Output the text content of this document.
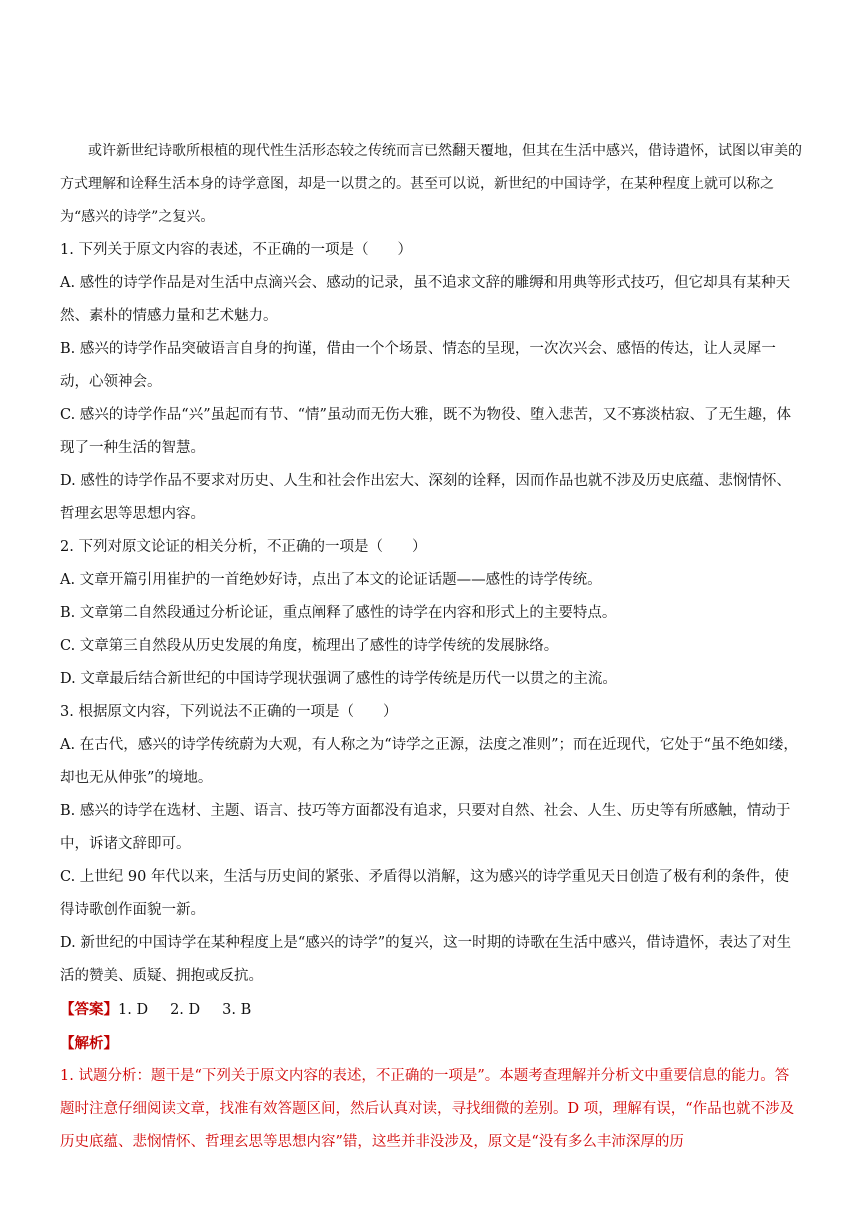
或许新世纪诗歌所根植的现代性生活形态较之传统而言已然翻天覆地，但其在生活中感兴，借诗遣怀，试图以审美的方式理解和诠释生活本身的诗学意图，却是一以贯之的。甚至可以说，新世纪的中国诗学，在某种程度上就可以称之为“感兴的诗学”之复兴。

1. 下列关于原文内容的表述，不正确的一项是（　　）

A. 感性的诗学作品是对生活中点滴兴会、感动的记录，虽不追求文辞的雕缛和用典等形式技巧，但它却具有某种天然、素朴的情感力量和艺术魅力。

B. 感兴的诗学作品突破语言自身的拘谨，借由一个个场景、情态的呈现，一次次兴会、感悟的传达，让人灵犀一动，心领神会。

C. 感兴的诗学作品“兴”虽起而有节、“情”虽动而无伤大雅，既不为物役、堕入悲苦，又不寡淡枯寂、了无生趣，体现了一种生活的智慧。

D. 感性的诗学作品不要求对历史、人生和社会作出宏大、深刻的诠释，因而作品也就不涉及历史底蕴、悲悯情怀、哲理玄思等思想内容。

2. 下列对原文论证的相关分析，不正确的一项是（　　）

A. 文章开篇引用崔护的一首绝妙好诗，点出了本文的论证话题——感性的诗学传统。

B. 文章第二自然段通过分析论证，重点阐释了感性的诗学在内容和形式上的主要特点。

C. 文章第三自然段从历史发展的角度，梳理出了感性的诗学传统的发展脉络。

D. 文章最后结合新世纪的中国诗学现状强调了感性的诗学传统是历代一以贯之的主流。

3. 根据原文内容，下列说法不正确的一项是（　　）

A. 在古代，感兴的诗学传统蔚为大观，有人称之为“诗学之正源，法度之准则”；而在近现代，它处于“虽不绝如缕，却也无从伸张”的境地。

B. 感兴的诗学在选材、主题、语言、技巧等方面都没有追求，只要对自然、社会、人生、历史等有所感触，情动于中，诉诸文辞即可。

C. 上世纪 90 年代以来，生活与历史间的紧张、矛盾得以消解，这为感兴的诗学重见天日创造了极有利的条件，使得诗歌创作面貌一新。

D. 新世纪的中国诗学在某种程度上是“感兴的诗学”的复兴，这一时期的诗歌在生活中感兴，借诗遣怀，表达了对生活的赞美、质疑、拥抱或反抗。

【答案】1. D 2. D 3. B

【解析】

1. 试题分析：题干是“下列关于原文内容的表述，不正确的一项是”。本题考查理解并分析文中重要信息的能力。答题时注意仔细阅读文章，找准有效答题区间，然后认真对读，寻找细微的差别。D 项，理解有误，“作品也就不涉及历史底蕴、悲悯情怀、哲理玄思等思想内容”错，这些并非没涉及，原文是“没有多么丰沛深厚的历
